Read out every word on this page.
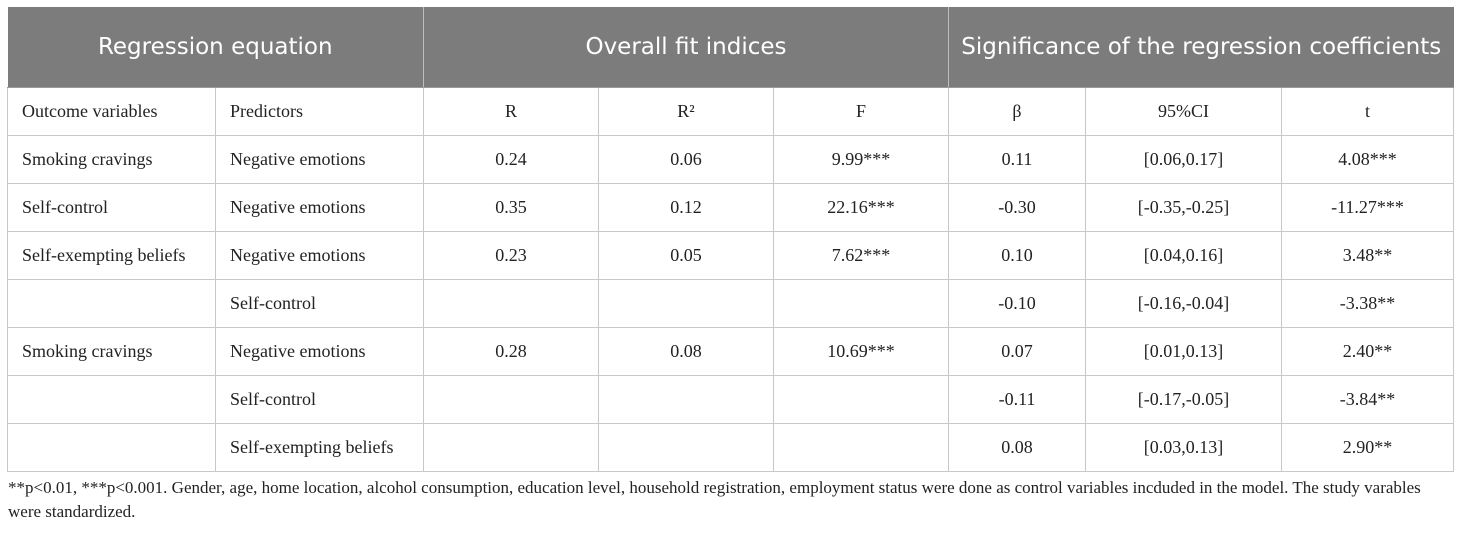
Regression equation		Overall fit indices			Significance of the regression coefficients		
Outcome variables	Predictors	R	R²	F	β	95%CI	t
Smoking cravings	Negative emotions	0.24	0.06	9.99***	0.11	[0.06,0.17]	4.08***
Self-control	Negative emotions	0.35	0.12	22.16***	-0.30	[-0.35,-0.25]	-11.27***
Self-exempting beliefs	Negative emotions	0.23	0.05	7.62***	0.10	[0.04,0.16]	3.48**
	Self-control				-0.10	[-0.16,-0.04]	-3.38**
Smoking cravings	Negative emotions	0.28	0.08	10.69***	0.07	[0.01,0.13]	2.40**
	Self-control				-0.11	[-0.17,-0.05]	-3.84**
	Self-exempting beliefs				0.08	[0.03,0.13]	2.90**
**p<0.01, ***p<0.001. Gender, age, home location, alcohol consumption, education level, household registration, employment status were done as control variables incduded in the model. The study varables were standardized.
